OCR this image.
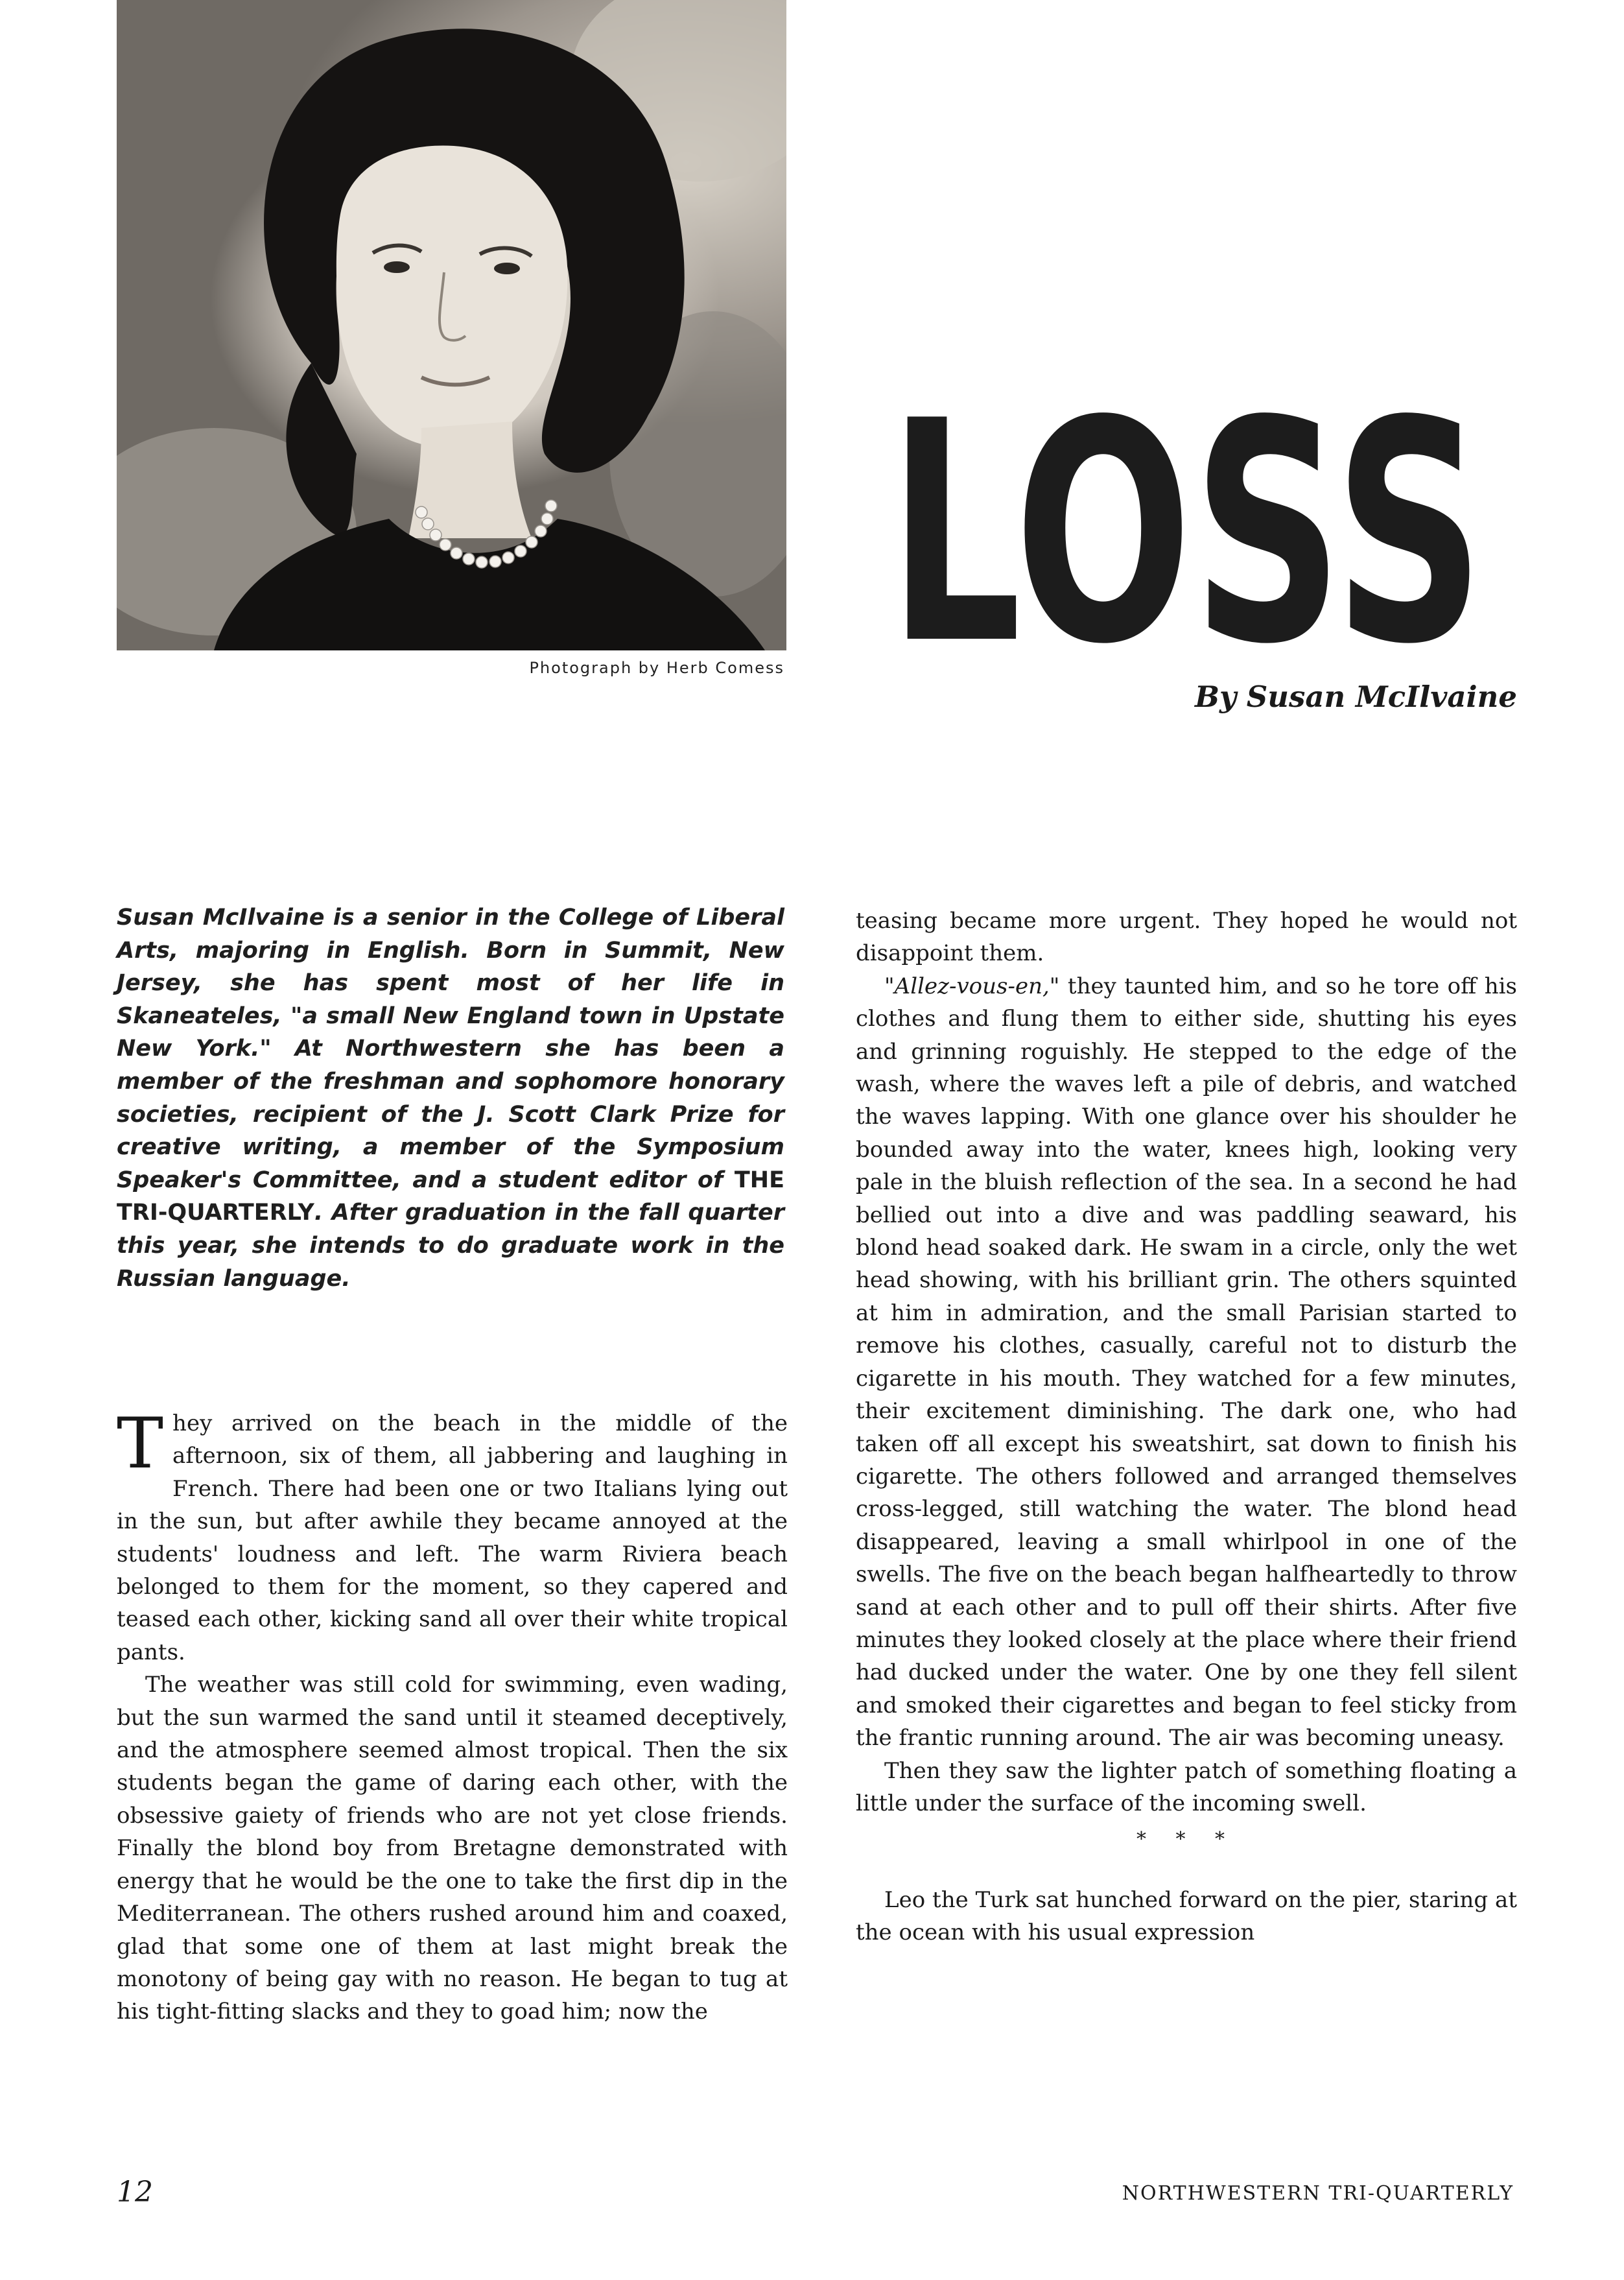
Photograph by Herb Comess LOSS
By Susan McIlvaine

Susan McIlvaine is a senior in the College of Liberal Arts, majoring in English. Born in Summit, New Jersey, she has spent most of her life in Skaneateles, "a small New England town in Upstate New York." At Northwestern she has been a member of the freshman and sophomore honorary societies, recipient of the J. Scott Clark Prize for creative writing, a member of the Symposium Speaker's Committee, and a student editor of THE TRI-QUARTERLY. After graduation in the fall quarter this year, she intends to do graduate work in the Russian language.

They arrived on the beach in the middle of the afternoon, six of them, all jabbering and laughing in French. There had been one or two Italians lying out in the sun, but after awhile they became annoyed at the students' loudness and left. The warm Riviera beach belonged to them for the moment, so they capered and teased each other, kicking sand all over their white tropical pants.

The weather was still cold for swimming, even wading, but the sun warmed the sand until it steamed deceptively, and the atmosphere seemed almost tropical. Then the six students began the game of daring each other, with the obsessive gaiety of friends who are not yet close friends. Finally the blond boy from Bretagne demonstrated with energy that he would be the one to take the first dip in the Mediterranean. The others rushed around him and coaxed, glad that some one of them at last might break the monotony of being gay with no reason. He began to tug at his tight-fitting slacks and they to goad him; now the

teasing became more urgent. They hoped he would not disappoint them.

"Allez-vous-en," they taunted him, and so he tore off his clothes and flung them to either side, shutting his eyes and grinning roguishly. He stepped to the edge of the wash, where the waves left a pile of debris, and watched the waves lapping. With one glance over his shoulder he bounded away into the water, knees high, looking very pale in the bluish reflection of the sea. In a second he had bellied out into a dive and was paddling seaward, his blond head soaked dark. He swam in a circle, only the wet head showing, with his brilliant grin. The others squinted at him in admiration, and the small Parisian started to remove his clothes, casually, careful not to disturb the cigarette in his mouth. They watched for a few minutes, their excitement diminishing. The dark one, who had taken off all except his sweatshirt, sat down to finish his cigarette. The others followed and arranged themselves cross-legged, still watching the water. The blond head disappeared, leaving a small whirlpool in one of the swells. The five on the beach began halfheartedly to throw sand at each other and to pull off their shirts. After five minutes they looked closely at the place where their friend had ducked under the water. One by one they fell silent and smoked their cigarettes and began to feel sticky from the frantic running around. The air was becoming uneasy.

Then they saw the lighter patch of something floating a little under the surface of the incoming swell.

* * *

Leo the Turk sat hunched forward on the pier, staring at the ocean with his usual expression

12	NORTHWESTERN TRI-QUARTERLY
